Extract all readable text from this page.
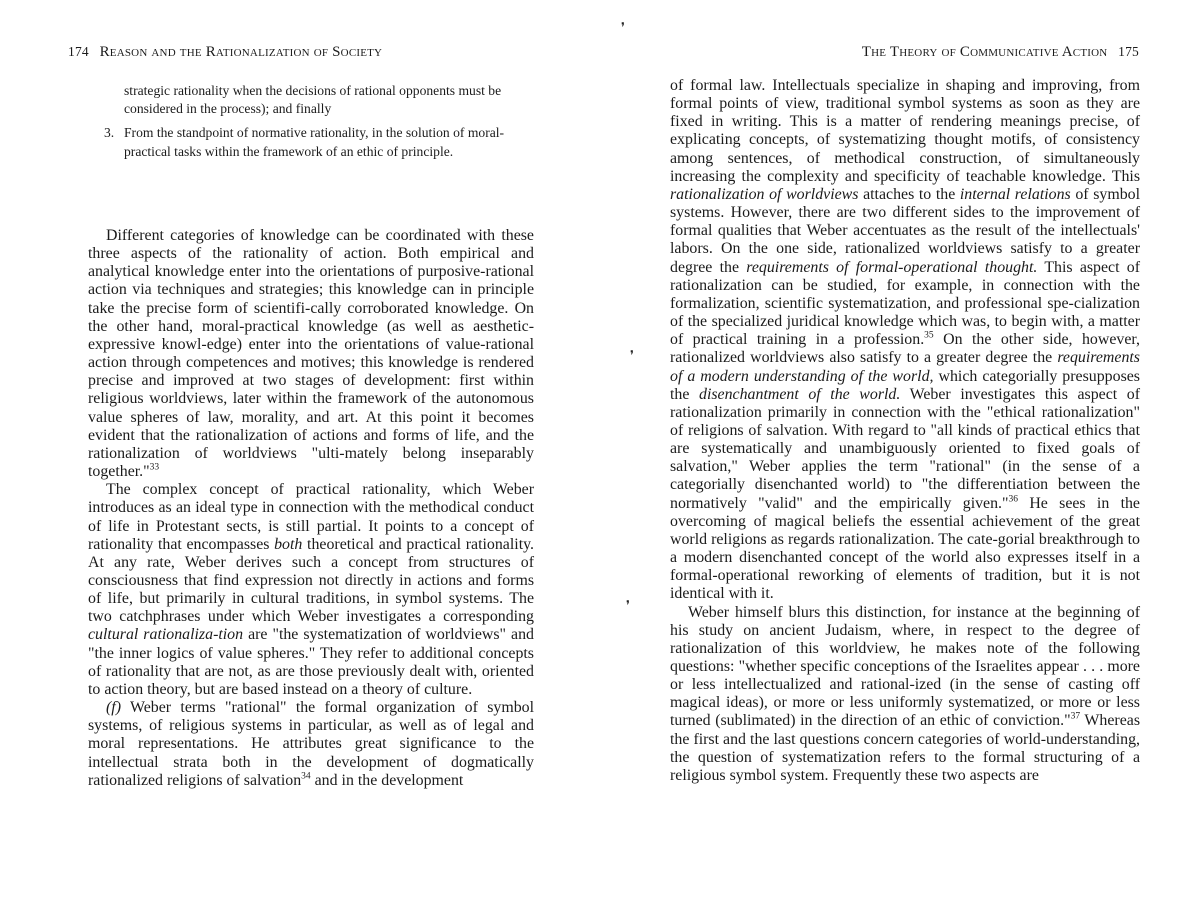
174 Reason and the Rationalization of Society	The Theory of Communicative Action 175
❜
❜
❜

strategic rationality when the decisions of rational opponents must be considered in the process); and finally

3. From the standpoint of normative rationality, in the solution of moral-practical tasks within the framework of an ethic of principle.

Different categories of knowledge can be coordinated with these three aspects of the rationality of action. Both empirical and analytical knowledge enter into the orientations of purposive-rational action via techniques and strategies; this knowledge can in principle take the precise form of scientifi-cally corroborated knowledge. On the other hand, moral-practical knowledge (as well as aesthetic-expressive knowl-edge) enter into the orientations of value-rational action through competences and motives; this knowledge is rendered precise and improved at two stages of development: first within religious worldviews, later within the framework of the autonomous value spheres of law, morality, and art. At this point it becomes evident that the rationalization of actions and forms of life, and the rationalization of worldviews "ulti-mately belong inseparably together."$^{33}$

The complex concept of practical rationality, which Weber introduces as an ideal type in connection with the methodical conduct of life in Protestant sects, is still partial. It points to a concept of rationality that encompasses both theoretical and practical rationality. At any rate, Weber derives such a concept from structures of consciousness that find expression not directly in actions and forms of life, but primarily in cultural traditions, in symbol systems. The two catchphrases under which Weber investigates a corresponding cultural rationaliza-tion are "the systematization of worldviews" and "the inner logics of value spheres." They refer to additional concepts of rationality that are not, as are those previously dealt with, oriented to action theory, but are based instead on a theory of culture.

(f) Weber terms "rational" the formal organization of symbol systems, of religious systems in particular, as well as of legal and moral representations. He attributes great significance to the intellectual strata both in the development of dogmatically rationalized religions of salvation$^{34}$ and in the development

of formal law. Intellectuals specialize in shaping and improving, from formal points of view, traditional symbol systems as soon as they are fixed in writing. This is a matter of rendering meanings precise, of explicating concepts, of systematizing thought motifs, of consistency among sentences, of methodical construction, of simultaneously increasing the complexity and specificity of teachable knowledge. This rationalization of worldviews attaches to the internal relations of symbol systems. However, there are two different sides to the improvement of formal qualities that Weber accentuates as the result of the intellectuals' labors. On the one side, rationalized worldviews satisfy to a greater degree the requirements of formal-operational thought. This aspect of rationalization can be studied, for example, in connection with the formalization, scientific systematization, and professional spe-cialization of the specialized juridical knowledge which was, to begin with, a matter of practical training in a profession.$^{35}$ On the other side, however, rationalized worldviews also satisfy to a greater degree the requirements of a modern understanding of the world, which categorially presupposes the disenchantment of the world. Weber investigates this aspect of rationalization primarily in connection with the "ethical rationalization" of religions of salvation. With regard to "all kinds of practical ethics that are systematically and unambiguously oriented to fixed goals of salvation," Weber applies the term "rational" (in the sense of a categorially disenchanted world) to "the differentiation between the normatively "valid" and the empirically given."$^{36}$ He sees in the overcoming of magical beliefs the essential achievement of the great world religions as regards rationalization. The cate-gorial breakthrough to a modern disenchanted concept of the world also expresses itself in a formal-operational reworking of elements of tradition, but it is not identical with it.

Weber himself blurs this distinction, for instance at the beginning of his study on ancient Judaism, where, in respect to the degree of rationalization of this worldview, he makes note of the following questions: "whether specific conceptions of the Israelites appear . . . more or less intellectualized and rational-ized (in the sense of casting off magical ideas), or more or less uniformly systematized, or more or less turned (sublimated) in the direction of an ethic of conviction."$^{37}$ Whereas the first and the last questions concern categories of world-understanding, the question of systematization refers to the formal structuring of a religious symbol system. Frequently these two aspects are
